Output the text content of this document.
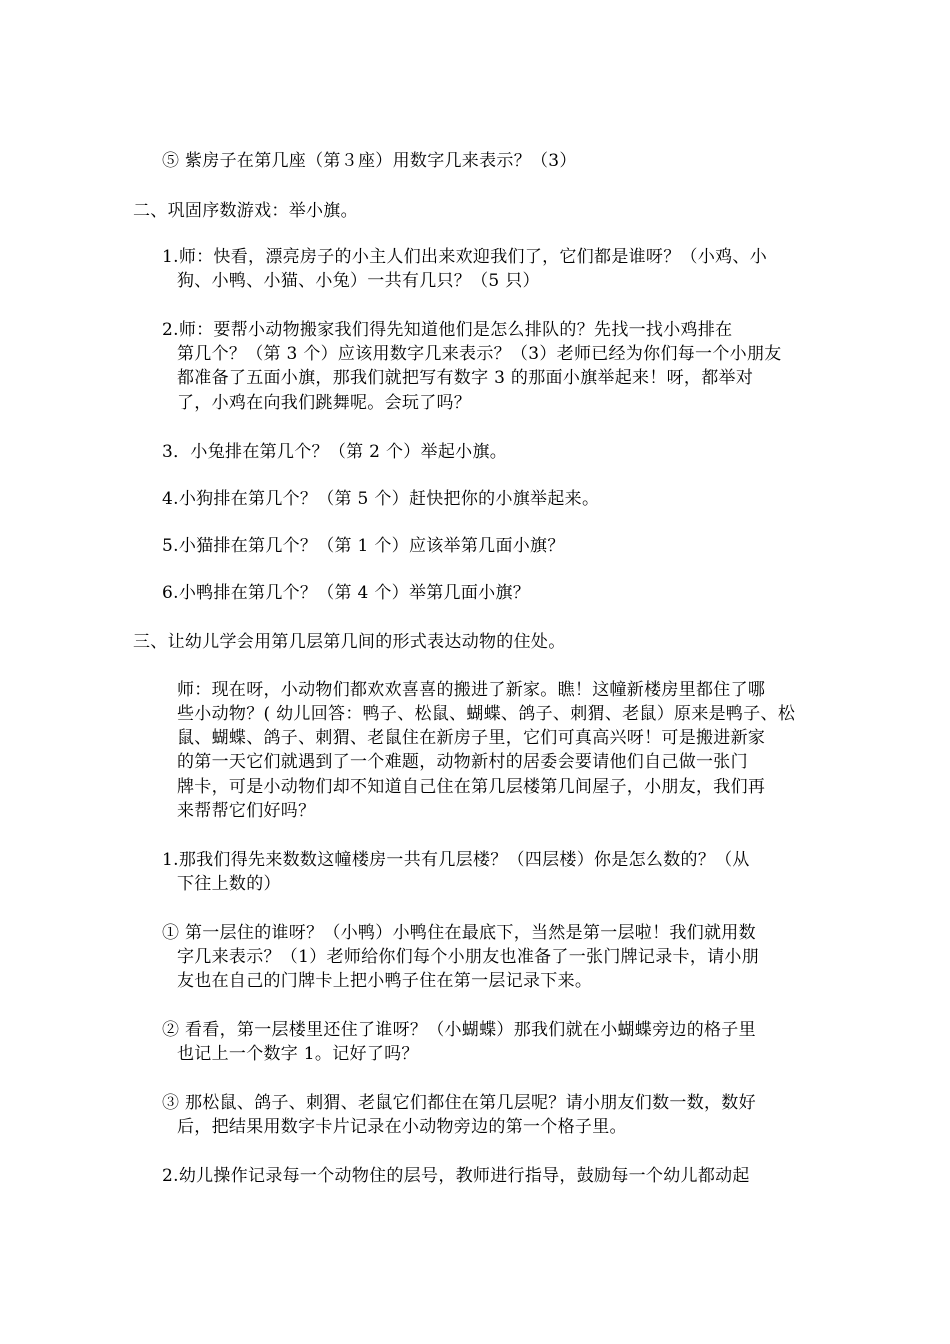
⑤ 紫房子在第几座（第３座）用数字几来表示？（3）
二、巩固序数游戏：举小旗。
1.师：快看，漂亮房子的小主人们出来欢迎我们了，它们都是谁呀？（小鸡、小
狗、小鸭、小猫、小兔）一共有几只？（5 只）
2.师：要帮小动物搬家我们得先知道他们是怎么排队的？先找一找小鸡排在
第几个？（第 3 个）应该用数字几来表示？（3）老师已经为你们每一个小朋友
都准备了五面小旗，那我们就把写有数字 3 的那面小旗举起来！呀，都举对
了，小鸡在向我们跳舞呢。会玩了吗？
3．小兔排在第几个？（第 2 个）举起小旗。
4.小狗排在第几个？（第 5 个）赶快把你的小旗举起来。
5.小猫排在第几个？（第 1 个）应该举第几面小旗？
6.小鸭排在第几个？（第 4 个）举第几面小旗？
三、让幼儿学会用第几层第几间的形式表达动物的住处。
师：现在呀，小动物们都欢欢喜喜的搬进了新家。瞧！这幢新楼房里都住了哪
些小动物？( 幼儿回答：鸭子、松鼠、蝴蝶、鸽子、刺猬、老鼠）原来是鸭子、松
鼠、蝴蝶、鸽子、刺猬、老鼠住在新房子里，它们可真高兴呀！可是搬进新家
的第一天它们就遇到了一个难题，动物新村的居委会要请他们自己做一张门
牌卡，可是小动物们却不知道自己住在第几层楼第几间屋子，小朋友，我们再
来帮帮它们好吗？
1.那我们得先来数数这幢楼房一共有几层楼？（四层楼）你是怎么数的？（从
下往上数的）
① 第一层住的谁呀？（小鸭）小鸭住在最底下，当然是第一层啦！我们就用数
字几来表示？（1）老师给你们每个小朋友也准备了一张门牌记录卡，请小朋
友也在自己的门牌卡上把小鸭子住在第一层记录下来。
② 看看，第一层楼里还住了谁呀？（小蝴蝶）那我们就在小蝴蝶旁边的格子里
也记上一个数字 1。记好了吗？
③ 那松鼠、鸽子、刺猬、老鼠它们都住在第几层呢？请小朋友们数一数，数好
后，把结果用数字卡片记录在小动物旁边的第一个格子里。
2.幼儿操作记录每一个动物住的层号，教师进行指导，鼓励每一个幼儿都动起
